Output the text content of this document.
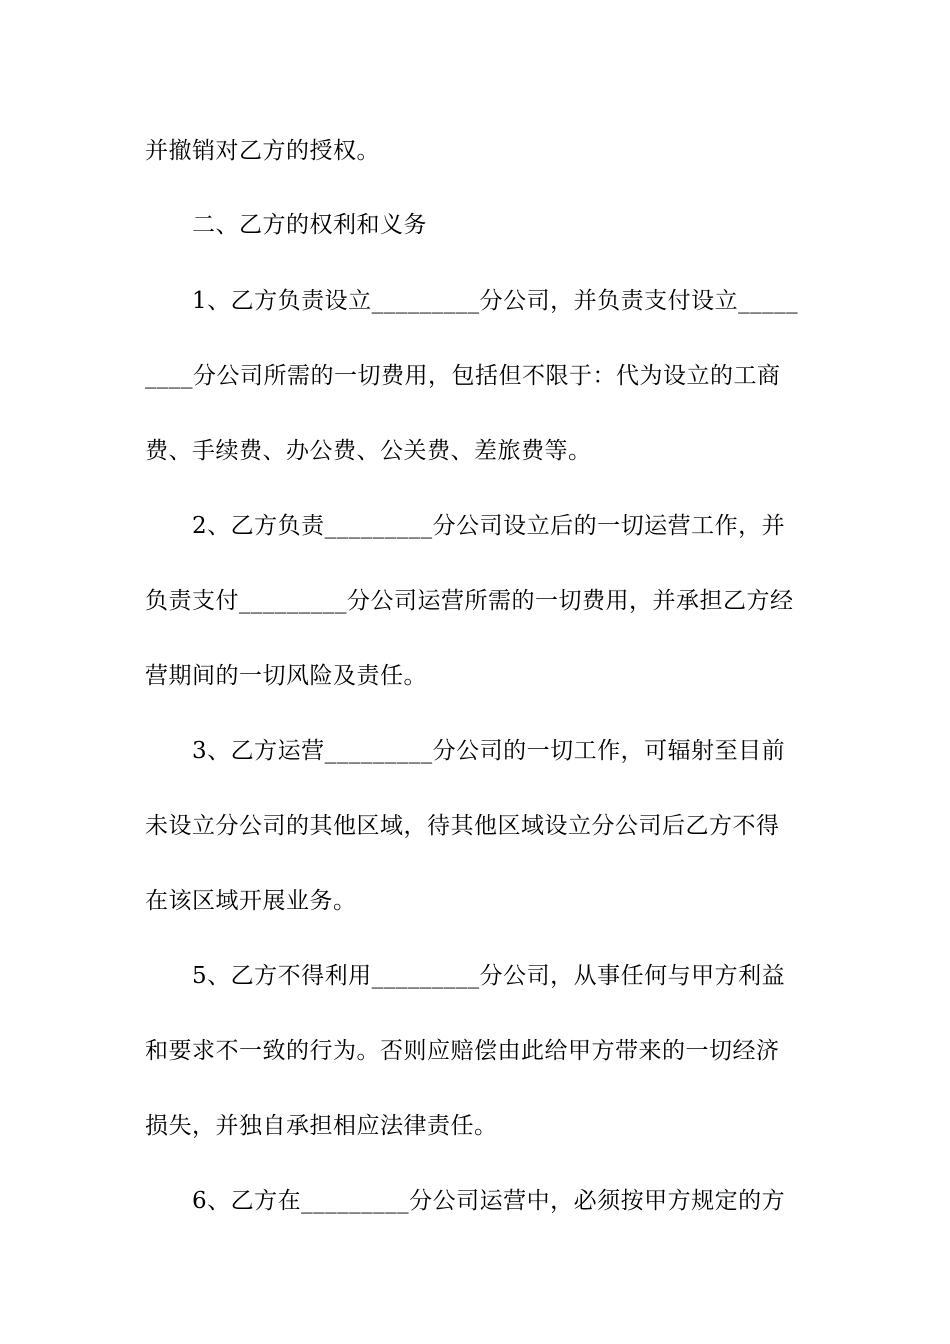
并撤销对乙方的授权。
二、乙方的权利和义务
1、乙方负责设立_________分公司，并负责支付设立_____
____分公司所需的一切费用，包括但不限于：代为设立的工商
费、手续费、办公费、公关费、差旅费等。
2、乙方负责_________分公司设立后的一切运营工作，并
负责支付_________分公司运营所需的一切费用，并承担乙方经
营期间的一切风险及责任。
3、乙方运营_________分公司的一切工作，可辐射至目前
未设立分公司的其他区域，待其他区域设立分公司后乙方不得
在该区域开展业务。
5、乙方不得利用_________分公司，从事任何与甲方利益
和要求不一致的行为。否则应赔偿由此给甲方带来的一切经济
损失，并独自承担相应法律责任。
6、乙方在_________分公司运营中，必须按甲方规定的方
